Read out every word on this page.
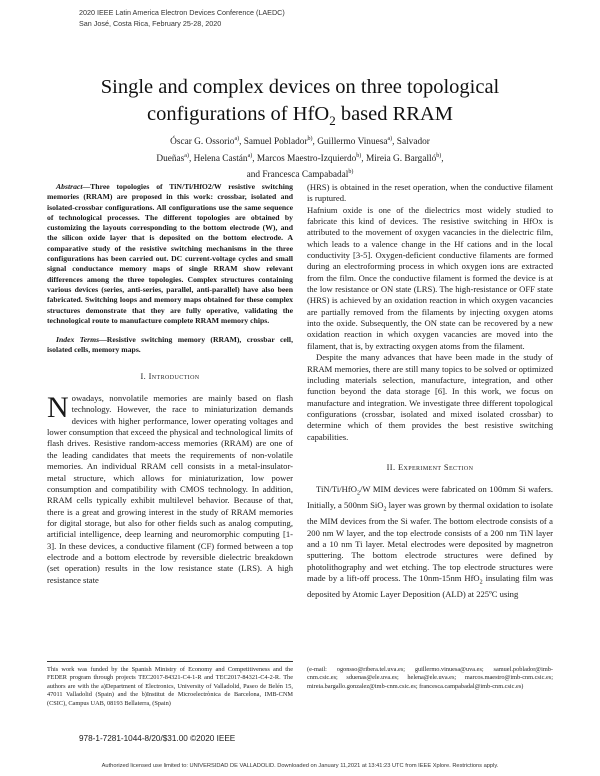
2020 IEEE Latin America Electron Devices Conference (LAEDC)
San José, Costa Rica, February 25-28, 2020
Single and complex devices on three topological
configurations of HfO$_2$ based RRAM
Óscar G. Ossorio$^{a)}$, Samuel Poblador$^{b)}$, Guillermo Vinuesa$^{a)}$, Salvador
Dueñas$^{a)}$, Helena Castán$^{a)}$, Marcos Maestro-Izquierdo$^{b)}$, Mireia G. Bargalló$^{b)}$,
and Francesca Campabadal$^{b)}$

Abstract—Three topologies of TiN/Ti/HfO2/W resistive switching memories (RRAM) are proposed in this work: crossbar, isolated and isolated-crossbar configurations. All configurations use the same sequence of technological processes. The different topologies are obtained by customizing the layouts corresponding to the bottom electrode (W), and the silicon oxide layer that is deposited on the bottom electrode. A comparative study of the resistive switching mechanisms in the three configurations has been carried out. DC current-voltage cycles and small signal conductance memory maps of single RRAM show relevant differences among the three topologies. Complex structures containing various devices (series, anti-series, parallel, anti-parallel) have also been fabricated. Switching loops and memory maps obtained for these complex structures demonstrate that they are fully operative, validating the technological route to manufacture complete RRAM memory chips.

Index Terms—Resistive switching memory (RRAM), crossbar cell, isolated cells, memory maps.

I. Introduction

Nowadays, nonvolatile memories are mainly based on flash technology. However, the race to miniaturization demands devices with higher performance, lower operating voltages and lower consumption that exceed the physical and technological limits of flash drives. Resistive random-access memories (RRAM) are one of the leading candidates that meets the requirements of non-volatile memories. An individual RRAM cell consists in a metal-insulator-metal structure, which allows for miniaturization, low power consumption and compatibility with CMOS technology. In addition, RRAM cells typically exhibit multilevel behavior. Because of that, there is a great and growing interest in the study of RRAM memories for digital storage, but also for other fields such as analog computing, artificial intelligence, deep learning and neuromorphic computing [1-3]. In these devices, a conductive filament (CF) formed between a top electrode and a bottom electrode by reversible dielectric breakdown (set operation) results in the low resistance state (LRS). A high resistance state

(HRS) is obtained in the reset operation, when the conductive filament is ruptured.

Hafnium oxide is one of the dielectrics most widely studied to fabricate this kind of devices. The resistive switching in HfOx is attributed to the movement of oxygen vacancies in the dielectric film, which leads to a valence change in the Hf cations and in the local conductivity [3-5]. Oxygen-deficient conductive filaments are formed during an electroforming process in which oxygen ions are extracted from the film. Once the conductive filament is formed the device is at the low resistance or ON state (LRS). The high-resistance or OFF state (HRS) is achieved by an oxidation reaction in which oxygen vacancies are partially removed from the filaments by injecting oxygen atoms into the oxide. Subsequently, the ON state can be recovered by a new oxidation reaction in which oxygen vacancies are moved into the filament, that is, by extracting oxygen atoms from the filament.

Despite the many advances that have been made in the study of RRAM memories, there are still many topics to be solved or optimized including materials selection, manufacture, integration, and other function beyond the data storage [6]. In this work, we focus on manufacture and integration. We investigate three different topological configurations (crossbar, isolated and mixed isolated crossbar) to determine which of them provides the best resistive switching capabilities.

II. Experiment Section

TiN/Ti/HfO$_2$/W MIM devices were fabricated on 100mm Si wafers. Initially, a 500nm SiO$_2$ layer was grown by thermal oxidation to isolate the MIM devices from the Si wafer. The bottom electrode consists of a 200 nm W layer, and the top electrode consists of a 200 nm TiN layer and a 10 nm Ti layer. Metal electrodes were deposited by magnetron sputtering. The bottom electrode structures were defined by photolithography and wet etching. The top electrode structures were made by a lift-off process. The 10nm-15nm HfO$_2$ insulating film was deposited by Atomic Layer Deposition (ALD) at 225ºC using

This work was funded by the Spanish Ministry of Economy and Competitiveness and the FEDER program through projects TEC2017-84321-C4-1-R and TEC2017-84321-C4-2-R. The authors are with the a)Department of Electronics, University of Valladolid, Paseo de Belén 15, 47011 Valladolid (Spain) and the b)Institut de Microelectrònica de Barcelona, IMB-CNM (CSIC), Campus UAB, 08193 Bellaterra, (Spain)
(e-mail: ogonsso@ribera.tel.uva.es; guillermo.vinuesa@uva.es; samuel.poblador@imb-cnm.csic.es; sduenas@ele.uva.es; helena@ele.uva.es; marcos.maestro@imb-cnm.csic.es; mireia.bargallo.gonzalez@imb-cnm.csic.es; francesca.campabadal@imb-cnm.csic.es)
978-1-7281-1044-8/20/$31.00 ©2020 IEEE
Authorized licensed use limited to: UNIVERSIDAD DE VALLADOLID. Downloaded on January 11,2021 at 13:41:23 UTC from IEEE Xplore. Restrictions apply.
